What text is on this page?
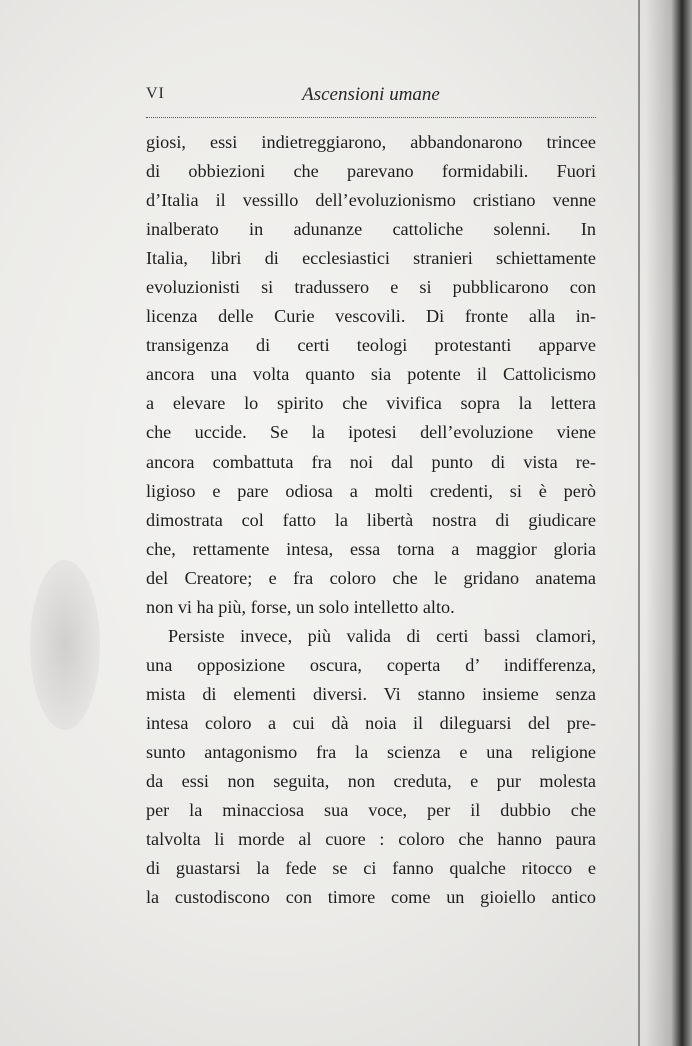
VI	Ascensioni umane
giosi, essi indietreggiarono, abbandonarono trincee
di obbiezioni che parevano formidabili. Fuori
d’Italia il vessillo dell’evoluzionismo cristiano venne
inalberato in adunanze cattoliche solenni. In
Italia, libri di ecclesiastici stranieri schiettamente
evoluzionisti si tradussero e si pubblicarono con
licenza delle Curie vescovili. Di fronte alla in-
transigenza di certi teologi protestanti apparve
ancora una volta quanto sia potente il Cattolicismo
a elevare lo spirito che vivifica sopra la lettera
che uccide. Se la ipotesi dell’evoluzione viene
ancora combattuta fra noi dal punto di vista re-
ligioso e pare odiosa a molti credenti, si è però
dimostrata col fatto la libertà nostra di giudicare
che, rettamente intesa, essa torna a maggior gloria
del Creatore; e fra coloro che le gridano anatema
non vi ha più, forse, un solo intelletto alto.
Persiste invece, più valida di certi bassi clamori,
una opposizione oscura, coperta d’ indifferenza,
mista di elementi diversi. Vi stanno insieme senza
intesa coloro a cui dà noia il dileguarsi del pre-
sunto antagonismo fra la scienza e una religione
da essi non seguita, non creduta, e pur molesta
per la minacciosa sua voce, per il dubbio che
talvolta li morde al cuore : coloro che hanno paura
di guastarsi la fede se ci fanno qualche ritocco e
la custodiscono con timore come un gioiello antico
